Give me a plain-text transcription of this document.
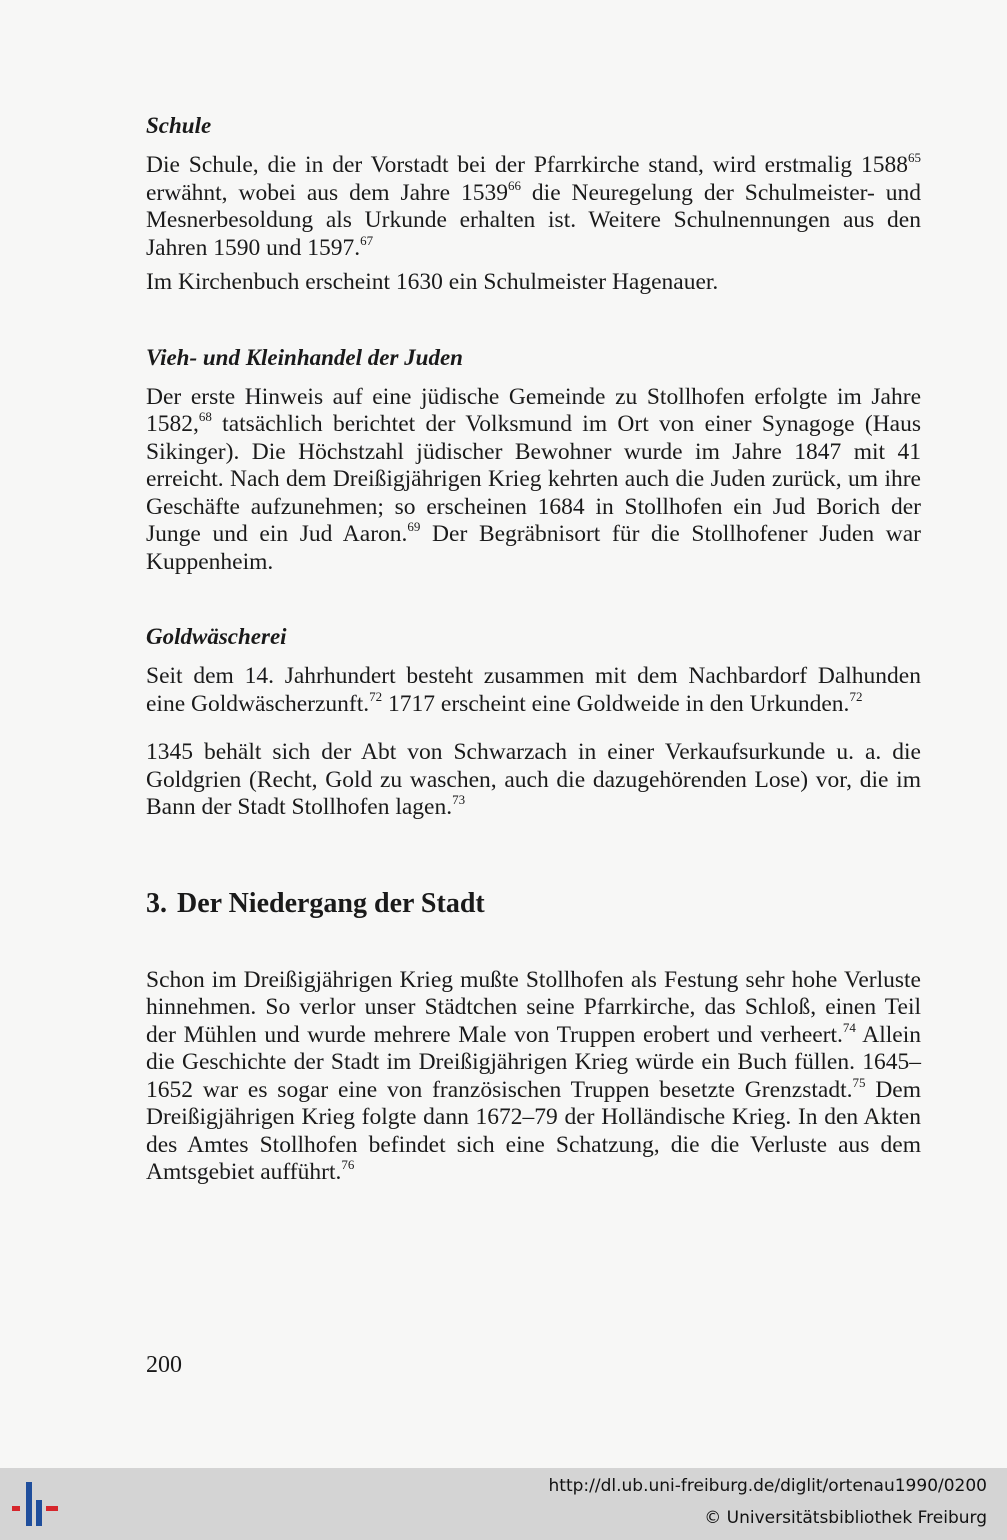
Schule

Die Schule, die in der Vorstadt bei der Pfarrkirche stand, wird erstmalig 1588$^{65}$ erwähnt, wobei aus dem Jahre 1539$^{66}$ die Neuregelung der Schulmeister- und Mesnerbesoldung als Urkunde erhalten ist. Weitere Schulnennungen aus den Jahren 1590 und 1597.67

Im Kirchenbuch erscheint 1630 ein Schulmeister Hagenauer.

Vieh- und Kleinhandel der Juden

Der erste Hinweis auf eine jüdische Gemeinde zu Stollhofen erfolgte im Jahre 1582,68 tatsächlich berichtet der Volksmund im Ort von einer Synagoge (Haus Sikinger). Die Höchstzahl jüdischer Bewohner wurde im Jahre 1847 mit 41 erreicht. Nach dem Dreißigjährigen Krieg kehrten auch die Juden zurück, um ihre Geschäfte aufzunehmen; so erscheinen 1684 in Stollhofen ein Jud Borich der Junge und ein Jud Aaron.$^{69}$ Der Begräbnisort für die Stollhofener Juden war Kuppenheim.

Goldwäscherei

Seit dem 14. Jahrhundert besteht zusammen mit dem Nachbardorf Dalhunden eine Goldwäscherzunft.$^{72}$ 1717 erscheint eine Goldweide in den Urkunden.$^{72}$

1345 behält sich der Abt von Schwarzach in einer Verkaufsurkunde u. a. die Goldgrien (Recht, Gold zu waschen, auch die dazugehörenden Lose) vor, die im Bann der Stadt Stollhofen lagen.$^{73}$

3. Der Niedergang der Stadt

Schon im Dreißigjährigen Krieg mußte Stollhofen als Festung sehr hohe Verluste hinnehmen. So verlor unser Städtchen seine Pfarrkirche, das Schloß, einen Teil der Mühlen und wurde mehrere Male von Truppen erobert und verheert.$^{74}$ Allein die Geschichte der Stadt im Dreißigjährigen Krieg würde ein Buch füllen. 1645–1652 war es sogar eine von französischen Truppen besetzte Grenzstadt.$^{75}$ Dem Dreißigjährigen Krieg folgte dann 1672–79 der Holländische Krieg. In den Akten des Amtes Stollhofen befindet sich eine Schatzung, die die Verluste aus dem Amtsgebiet aufführt.$^{76}$

200
http://dl.ub.uni-freiburg.de/diglit/ortenau1990/0200
© Universitätsbibliothek Freiburg
